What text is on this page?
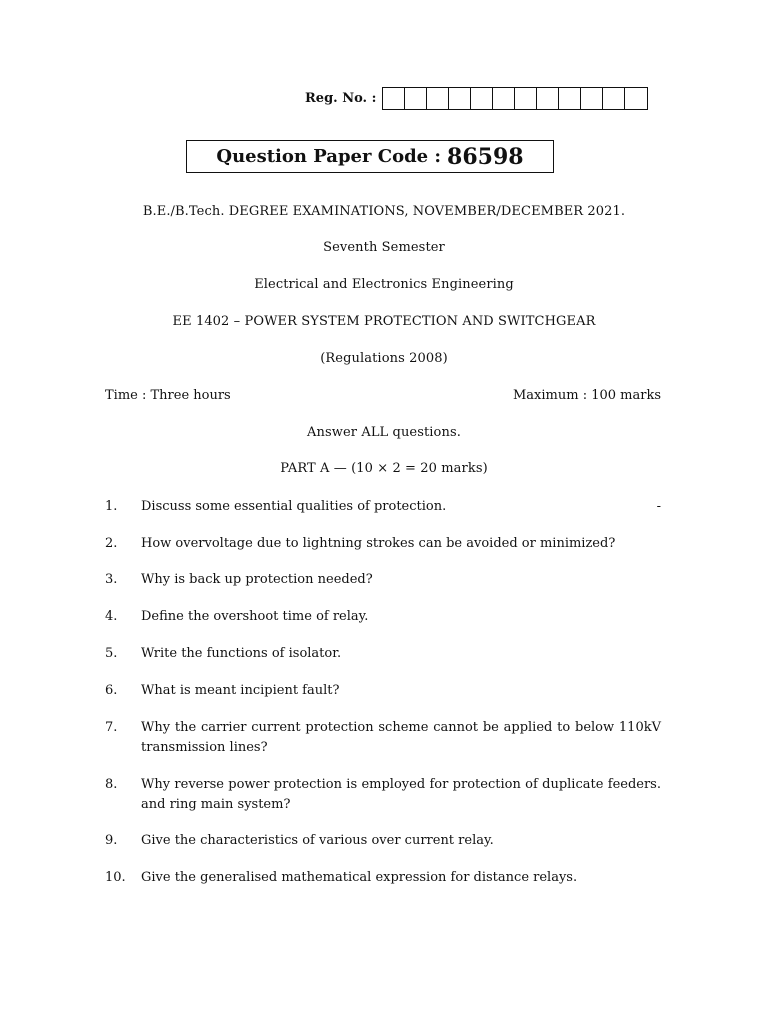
Reg. No. :
Question Paper Code : 86598
B.E./B.Tech. DEGREE EXAMINATIONS, NOVEMBER/DECEMBER 2021.
Seventh Semester
Electrical and Electronics Engineering
EE 1402 – POWER SYSTEM PROTECTION AND SWITCHGEAR
(Regulations 2008)
Time : Three hours	Maximum : 100 marks
Answer ALL questions.
PART A — (10 × 2 = 20 marks)
1.	Discuss some essential qualities of protection.	-
2.	How overvoltage due to lightning strokes can be avoided or minimized?
3.	Why is back up protection needed?
4.	Define the overshoot time of relay.
5.	Write the functions of isolator.
6.	What is meant incipient fault?
7.	Why the carrier current protection scheme cannot be applied to below 110kV transmission lines?
8.	Why reverse power protection is employed for protection of duplicate feeders. and ring main system?
9.	Give the characteristics of various over current relay.
10.	Give the generalised mathematical expression for distance relays.
